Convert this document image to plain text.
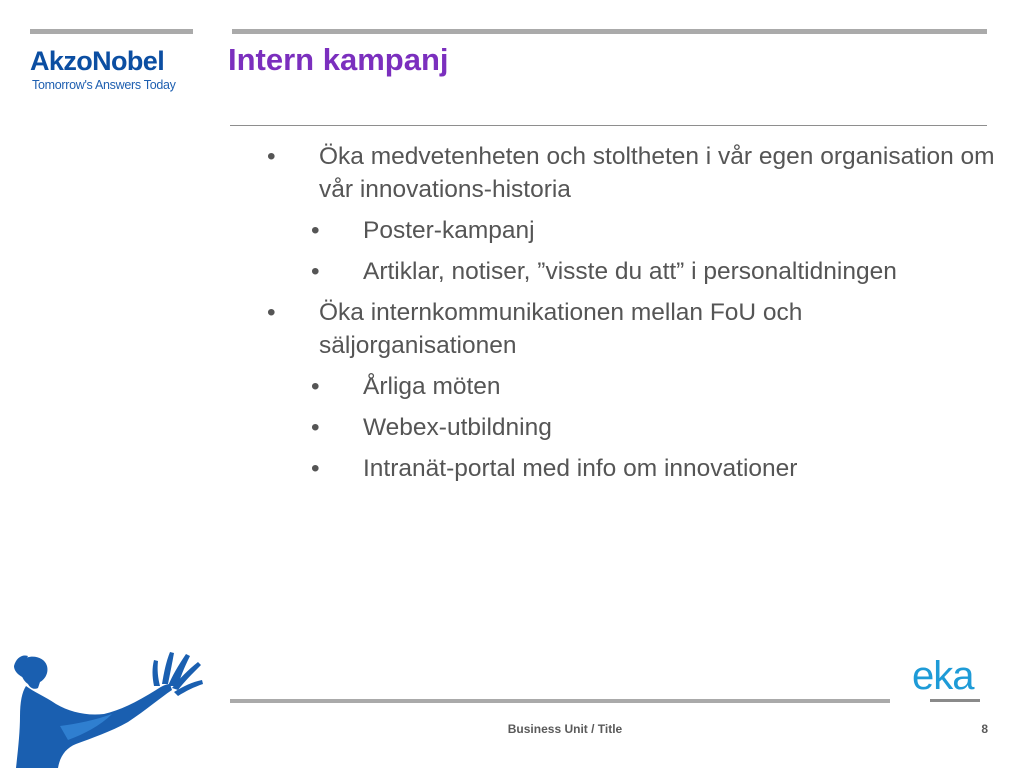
AkzoNobel

Tomorrow's Answers Today

Intern kampanj

• Öka medvetenheten och stoltheten i vår egen organisation om vår innovations-historia

• Poster-kampanj

• Artiklar, notiser, ”visste du att” i personaltidningen

• Öka internkommunikationen mellan FoU och säljorganisationen

• Årliga möten

• Webex-utbildning

• Intranät-portal med info om innovationer

eka

Business Unit / Title	8
